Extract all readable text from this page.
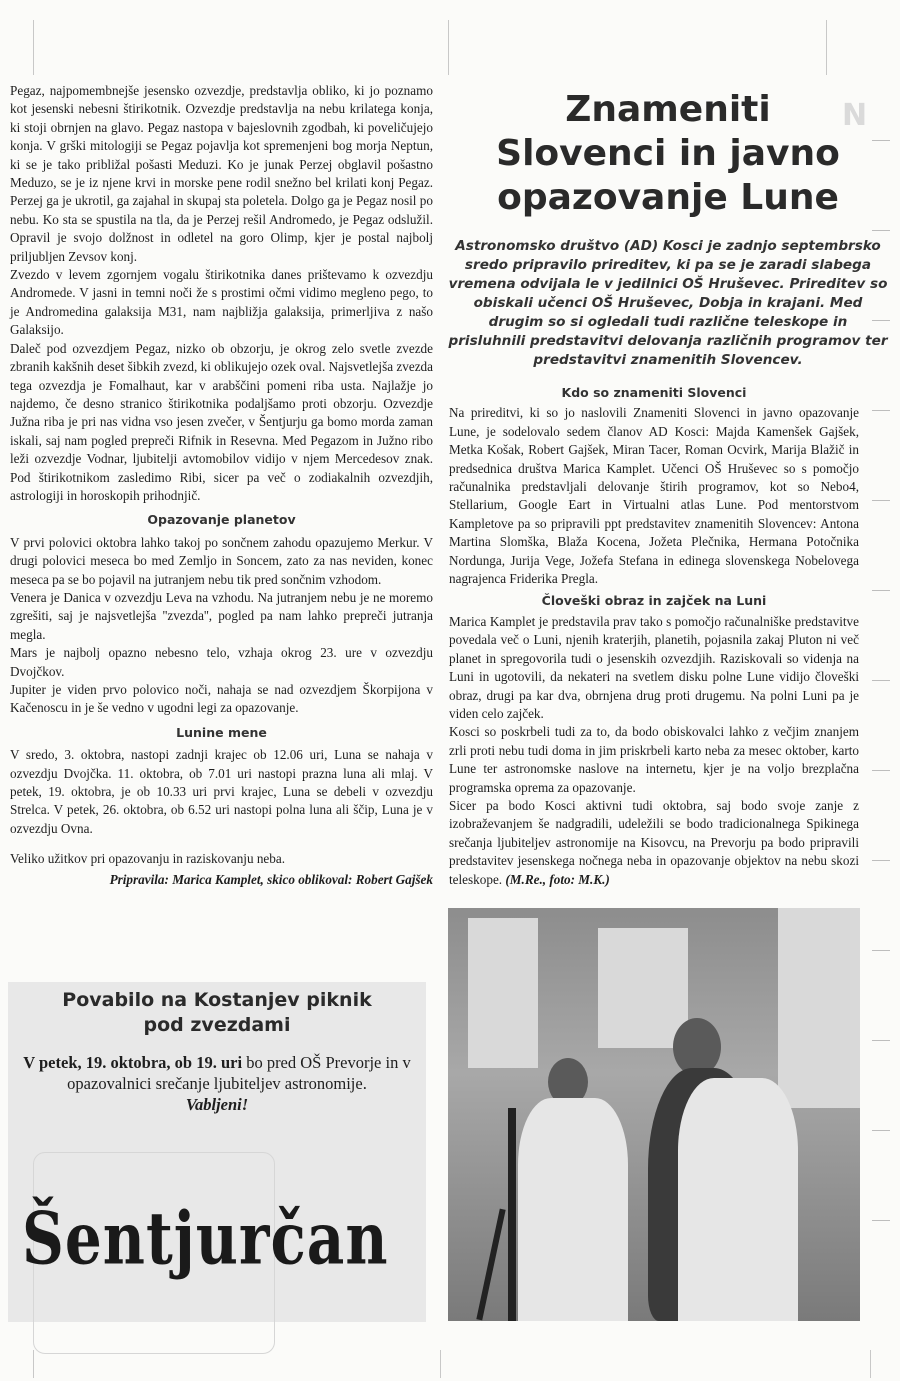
Pegaz, najpomembnejše jesensko ozvezdje, predstavlja obliko, ki jo poznamo kot jesenski nebesni štirikotnik. Ozvezdje predstavlja na nebu krilatega konja, ki stoji obrnjen na glavo. Pegaz nastopa v bajeslovnih zgodbah, ki poveličujejo konja. V grški mitologiji se Pegaz pojavlja kot spremenjeni bog morja Neptun, ki se je tako približal pošasti Meduzi. Ko je junak Perzej obglavil pošastno Meduzo, se je iz njene krvi in morske pene rodil snežno bel krilati konj Pegaz. Perzej ga je ukrotil, ga zajahal in skupaj sta poletela. Dolgo ga je Pegaz nosil po nebu. Ko sta se spustila na tla, da je Perzej rešil Andromedo, je Pegaz odslužil. Opravil je svojo dolžnost in odletel na goro Olimp, kjer je postal najbolj priljubljen Zevsov konj.

Zvezdo v levem zgornjem vogalu štirikotnika danes prištevamo k ozvezdju Andromede. V jasni in temni noči že s prostimi očmi vidimo megleno pego, to je Andromedina galaksija M31, nam najbližja galaksija, primerljiva z našo Galaksijo.

Daleč pod ozvezdjem Pegaz, nizko ob obzorju, je okrog zelo svetle zvezde zbranih kakšnih deset šibkih zvezd, ki oblikujejo ozek oval. Najsvetlejša zvezda tega ozvezdja je Fomalhaut, kar v arabščini pomeni riba usta. Najlažje jo najdemo, če desno stranico štirikotnika podaljšamo proti obzorju. Ozvezdje Južna riba je pri nas vidna vso jesen zvečer, v Šentjurju ga bomo morda zaman iskali, saj nam pogled prepreči Rifnik in Resevna. Med Pegazom in Južno ribo leži ozvezdje Vodnar, ljubitelji avtomobilov vidijo v njem Mercedesov znak. Pod štirikotnikom zasledimo Ribi, sicer pa več o zodiakalnih ozvezdjih, astrologiji in horoskopih prihodnjič.

Opazovanje planetov

V prvi polovici oktobra lahko takoj po sončnem zahodu opazujemo Merkur. V drugi polovici meseca bo med Zemljo in Soncem, zato za nas neviden, konec meseca pa se bo pojavil na jutranjem nebu tik pred sončnim vzhodom.

Venera je Danica v ozvezdju Leva na vzhodu. Na jutranjem nebu je ne moremo zgrešiti, saj je najsvetlejša ''zvezda'', pogled pa nam lahko prepreči jutranja megla.

Mars je najbolj opazno nebesno telo, vzhaja okrog 23. ure v ozvezdju Dvojčkov.

Jupiter je viden prvo polovico noči, nahaja se nad ozvezdjem Škorpijona v Kačenoscu in je še vedno v ugodni legi za opazovanje.

Lunine mene

V sredo, 3. oktobra, nastopi zadnji krajec ob 12.06 uri, Luna se nahaja v ozvezdju Dvojčka. 11. oktobra, ob 7.01 uri nastopi prazna luna ali mlaj. V petek, 19. oktobra, je ob 10.33 uri prvi krajec, Luna se debeli v ozvezdju Strelca. V petek, 26. oktobra, ob 6.52 uri nastopi polna luna ali ščip, Luna je v ozvezdju Ovna.

Veliko užitkov pri opazovanju in raziskovanju neba.

Pripravila: Marica Kamplet, skico oblikoval: Robert Gajšek

Povabilo na Kostanjev piknik
pod zvezdami
V petek, 19. oktobra, ob 19. uri bo pred OŠ Prevorje in v opazovalnici srečanje ljubiteljev astronomije.
Vabljeni!
Šentjurčan
N
Znameniti
Slovenci in javno
opazovanje Lune
Astronomsko društvo (AD) Kosci je zadnjo septembrsko sredo pripravilo prireditev, ki pa se je zaradi slabega vremena odvijala le v jedilnici OŠ Hruševec. Prireditev so obiskali učenci OŠ Hruševec, Dobja in krajani. Med drugim so si ogledali tudi različne teleskope in prisluhnili predstavitvi delovanja različnih programov ter predstavitvi znamenitih Slovencev.

Kdo so znameniti Slovenci

Na prireditvi, ki so jo naslovili Znameniti Slovenci in javno opazovanje Lune, je sodelovalo sedem članov AD Kosci: Majda Kamenšek Gajšek, Metka Košak, Robert Gajšek, Miran Tacer, Roman Ocvirk, Marija Blažič in predsednica društva Marica Kamplet. Učenci OŠ Hruševec so s pomočjo računalnika predstavljali delovanje štirih programov, kot so Nebo4, Stellarium, Google Eart in Virtualni atlas Lune. Pod mentorstvom Kampletove pa so pripravili ppt predstavitev znamenitih Slovencev: Antona Martina Slomška, Blaža Kocena, Jožeta Plečnika, Hermana Potočnika Nordunga, Jurija Vege, Jožefa Stefana in edinega slovenskega Nobelovega nagrajenca Friderika Pregla.

Človeški obraz in zajček na Luni

Marica Kamplet je predstavila prav tako s pomočjo računalniške predstavitve povedala več o Luni, njenih kraterjih, planetih, pojasnila zakaj Pluton ni več planet in spregovorila tudi o jesenskih ozvezdjih. Raziskovali so videnja na Luni in ugotovili, da nekateri na svetlem disku polne Lune vidijo človeški obraz, drugi pa kar dva, obrnjena drug proti drugemu. Na polni Luni pa je viden celo zajček.

Kosci so poskrbeli tudi za to, da bodo obiskovalci lahko z večjim znanjem zrli proti nebu tudi doma in jim priskrbeli karto neba za mesec oktober, karto Lune ter astronomske naslove na internetu, kjer je na voljo brezplačna programska oprema za opazovanje.

Sicer pa bodo Kosci aktivni tudi oktobra, saj bodo svoje zanje z izobraževanjem še nadgradili, udeležili se bodo tradicionalnega Spikinega srečanja ljubiteljev astronomije na Kisovcu, na Prevorju pa bodo pripravili predstavitev jesenskega nočnega neba in opazovanje objektov na nebu skozi teleskope. (M.Re., foto: M.K.)
